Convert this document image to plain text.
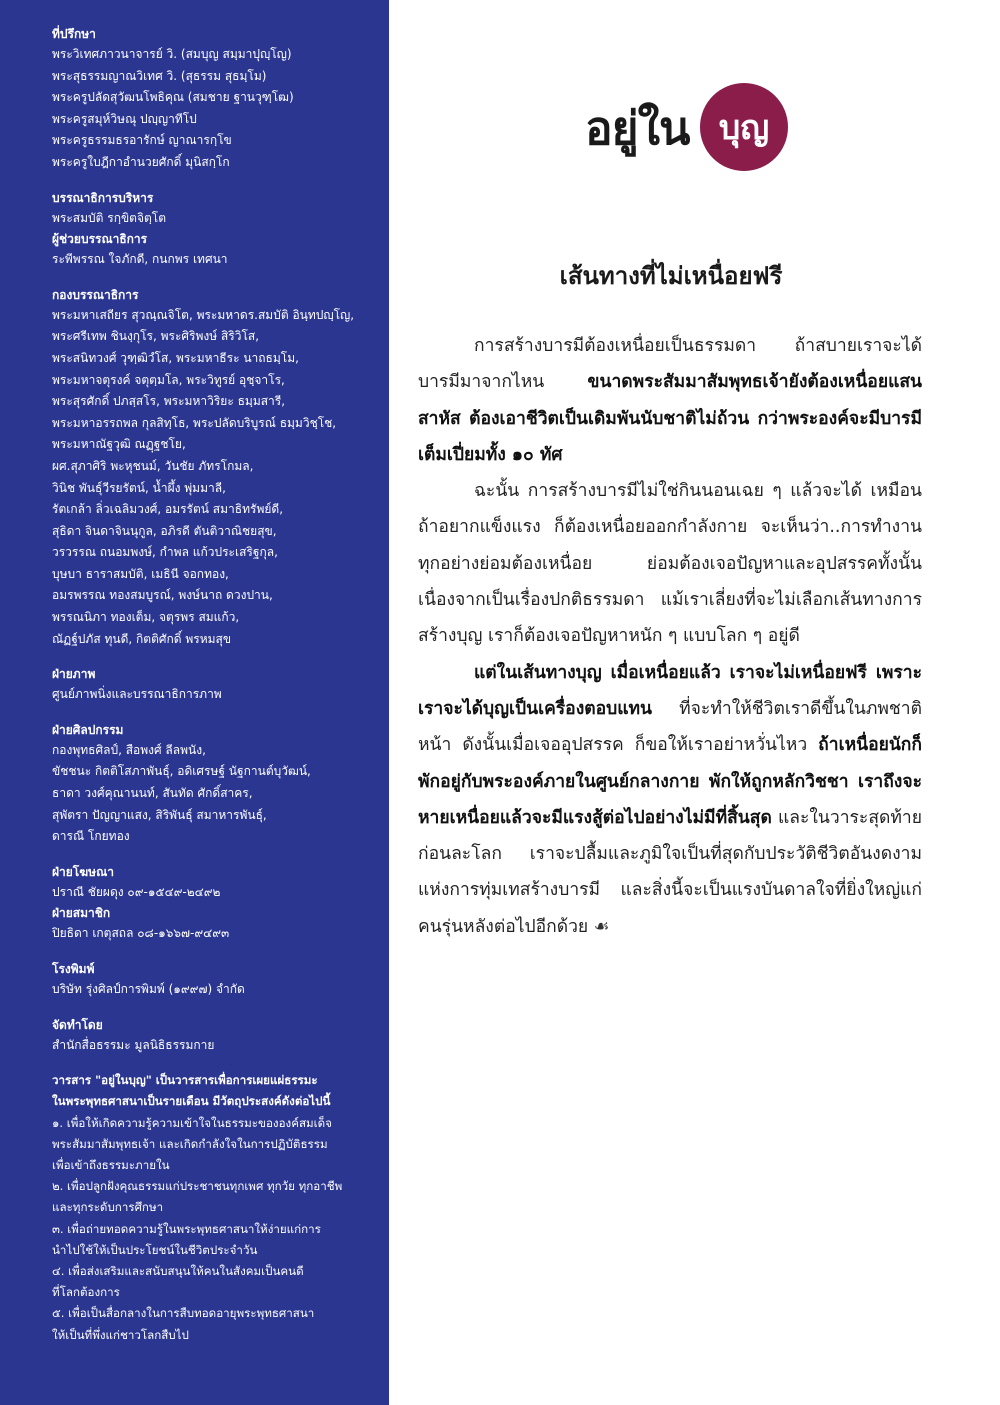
ที่ปรึกษา
พระวิเทศภาวนาจารย์ วิ. (สมบุญ สมฺมาปุญฺโญ)
พระสุธรรมญาณวิเทศ วิ. (สุธรรม สุธมฺโม)
พระครูปลัดสุวัฒนโพธิคุณ (สมชาย ฐานวุฑฺโฒ)
พระครูสมุห์วิษณุ ปญฺญาทีโป
พระครูธรรมธรอารักษ์ ญาณารกฺโข
พระครูใบฎีกาอำนวยศักดิ์ มุนิสกฺโก
บรรณาธิการบริหาร
พระสมบัติ รกฺขิตจิตฺโต
ผู้ช่วยบรรณาธิการ
ระพีพรรณ ใจภักดี, กนกพร เทศนา
กองบรรณาธิการ
พระมหาเสถียร สุวณฺณจิโต, พระมหาดร.สมบัติ อินฺทปญฺโญ,
พระศรีเทพ ชินงฺกุโร, พระศิริพงษ์ สิริวิโส,
พระสนิทวงศ์ วุฑฺฒิวํโส, พระมหาธีระ นาถธมฺโม,
พระมหาจตุรงค์ จตุตฺมโล, พระวิทูรย์ อุชฺจาโร,
พระสุรศักดิ์ ปภสฺสโร, พระมหาวิริยะ ธมฺมสารี,
พระมหาอรรถพล กุลสิทฺโธ, พระปลัดบริบูรณ์ ธมฺมวิชฺโช,
พระมหาณัฐวุฒิ ณฏฺฐชโย,
ผศ.สุภาศิริ พะหุชนม์, วันชัย ภัทรโกมล,
วินิช พันธุ์วีรยรัตน์, น้ำผึ้ง พุ่มมาลี,
รัตเกล้า ลิ่วเฉลิมวงศ์, อมรรัตน์ สมาธิทรัพย์ดี,
สุธิดา จินดาจินนุกูล, อภิรดี ตันติวาณิชยสุข,
วรวรรณ ถนอมพงษ์, กำพล แก้วประเสริฐกุล,
บุษบา ธาราสมบัติ, เมธินี จอกทอง,
อมรพรรณ ทองสมบูรณ์, พงษ์นาถ ดวงปาน,
พรรณนิภา ทองเต็ม, จตุรพร สมแก้ว,
ณัฏฐ์ปภัส ทุนดี, กิตติศักดิ์ พรหมสุข
ฝ่ายภาพ
ศูนย์ภาพนิ่งและบรรณาธิการภาพ
ฝ่ายศิลปกรรม
กองพุทธศิลป์, สือพงศ์ ลีลพนัง,
ขัชชนะ กิตติโสภาพันธุ์, อดิเศรษฐ์ นัฐกานต์บุวัฒน์,
ธาดา วงศ์คุณานนท์, สันทัด ศักดิ์สาคร,
สุพัตรา ปัญญาแสง, สิริพันธุ์ สมาหารพันธุ์,
ดารณี โกยทอง
ฝ่ายโฆษณา
ปราณี ชัยผดุง ๐๙-๑๕๔๙-๒๔๙๒
ฝ่ายสมาชิก
ปิยธิดา เกตุสถล ๐๘-๑๖๖๗-๙๔๙๓
โรงพิมพ์
บริษัท รุ่งศิลป์การพิมพ์ (๑๙๙๗) จำกัด
จัดทำโดย
สำนักสื่อธรรมะ มูลนิธิธรรมกาย
วารสาร "อยู่ในบุญ" เป็นวารสารเพื่อการเผยแผ่ธรรมะ
ในพระพุทธศาสนาเป็นรายเดือน มีวัตถุประสงค์ดังต่อไปนี้
๑. เพื่อให้เกิดความรู้ความเข้าใจในธรรมะขององค์สมเด็จ
พระสัมมาสัมพุทธเจ้า และเกิดกำลังใจในการปฏิบัติธรรม
เพื่อเข้าถึงธรรมะภายใน
๒. เพื่อปลูกฝังคุณธรรมแก่ประชาชนทุกเพศ ทุกวัย ทุกอาชีพ
และทุกระดับการศึกษา
๓. เพื่อถ่ายทอดความรู้ในพระพุทธศาสนาให้ง่ายแก่การ
นำไปใช้ให้เป็นประโยชน์ในชีวิตประจำวัน
๔. เพื่อส่งเสริมและสนับสนุนให้คนในสังคมเป็นคนดี
ที่โลกต้องการ
๕. เพื่อเป็นสื่อกลางในการสืบทอดอายุพระพุทธศาสนา
ให้เป็นที่พึ่งแก่ชาวโลกสืบไป
อยู่ใน บุญ
เส้นทางที่ไม่เหนื่อยฟรี

การสร้างบารมีต้องเหนื่อยเป็นธรรมดา ถ้าสบายเราจะได้บารมีมาจากไหน ขนาดพระสัมมาสัมพุทธเจ้ายังต้องเหนื่อยแสนสาหัส ต้องเอาชีวิตเป็นเดิมพันนับชาติไม่ถ้วน กว่าพระองค์จะมีบารมีเต็มเปี่ยมทั้ง ๑๐ ทัศ

ฉะนั้น การสร้างบารมีไม่ใช่กินนอนเฉย ๆ แล้วจะได้ เหมือนถ้าอยากแข็งแรง ก็ต้องเหนื่อยออกกำลังกาย จะเห็นว่า..การทำงานทุกอย่างย่อมต้องเหนื่อย ย่อมต้องเจอปัญหาและอุปสรรคทั้งนั้น เนื่องจากเป็นเรื่องปกติธรรมดา แม้เราเลี่ยงที่จะไม่เลือกเส้นทางการสร้างบุญ เราก็ต้องเจอปัญหาหนัก ๆ แบบโลก ๆ อยู่ดี

แต่ในเส้นทางบุญ เมื่อเหนื่อยแล้ว เราจะไม่เหนื่อยฟรี เพราะเราจะได้บุญเป็นเครื่องตอบแทน ที่จะทำให้ชีวิตเราดีขึ้นในภพชาติหน้า ดังนั้นเมื่อเจออุปสรรค ก็ขอให้เราอย่าหวั่นไหว ถ้าเหนื่อยนักก็พักอยู่กับพระองค์ภายในศูนย์กลางกาย พักให้ถูกหลักวิชชา เราถึงจะหายเหนื่อยแล้วจะมีแรงสู้ต่อไปอย่างไม่มีที่สิ้นสุด และในวาระสุดท้ายก่อนละโลก เราจะปลื้มและภูมิใจเป็นที่สุดกับประวัติชีวิตอันงดงามแห่งการทุ่มเทสร้างบารมี และสิ่งนี้จะเป็นแรงบันดาลใจที่ยิ่งใหญ่แก่คนรุ่นหลังต่อไปอีกด้วย ☙
